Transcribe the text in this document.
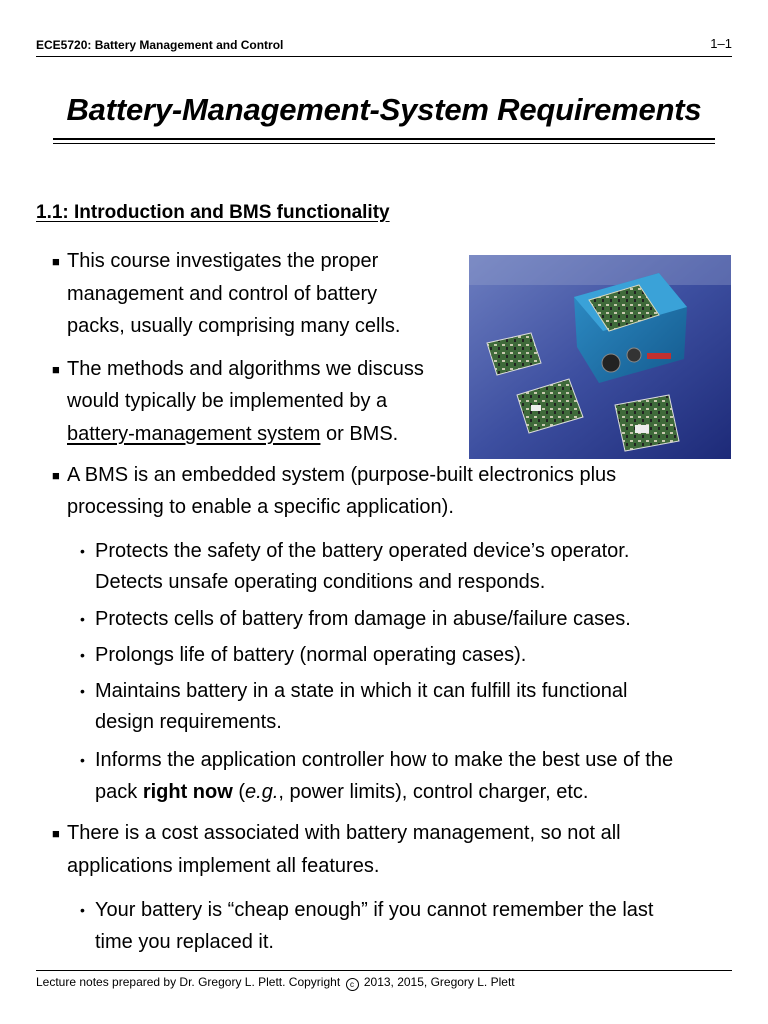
ECE5720: Battery Management and Control	1–1
Battery-Management-System Requirements
1.1: Introduction and BMS functionality
■ This course investigates the proper
management and control of battery
packs, usually comprising many cells.
■ The methods and algorithms we discuss
would typically be implemented by a
battery-management system or BMS.
■ A BMS is an embedded system (purpose-built electronics plus
processing to enable a specific application).
• Protects the safety of the battery operated device’s operator.
Detects unsafe operating conditions and responds.
• Protects cells of battery from damage in abuse/failure cases.
• Prolongs life of battery (normal operating cases).
• Maintains battery in a state in which it can fulfill its functional
design requirements.
• Informs the application controller how to make the best use of the
pack right now (e.g., power limits), control charger, etc.
■ There is a cost associated with battery management, so not all
applications implement all features.
• Your battery is “cheap enough” if you cannot remember the last
time you replaced it.
Lecture notes prepared by Dr. Gregory L. Plett. Copyright c 2013, 2015, Gregory L. Plett
